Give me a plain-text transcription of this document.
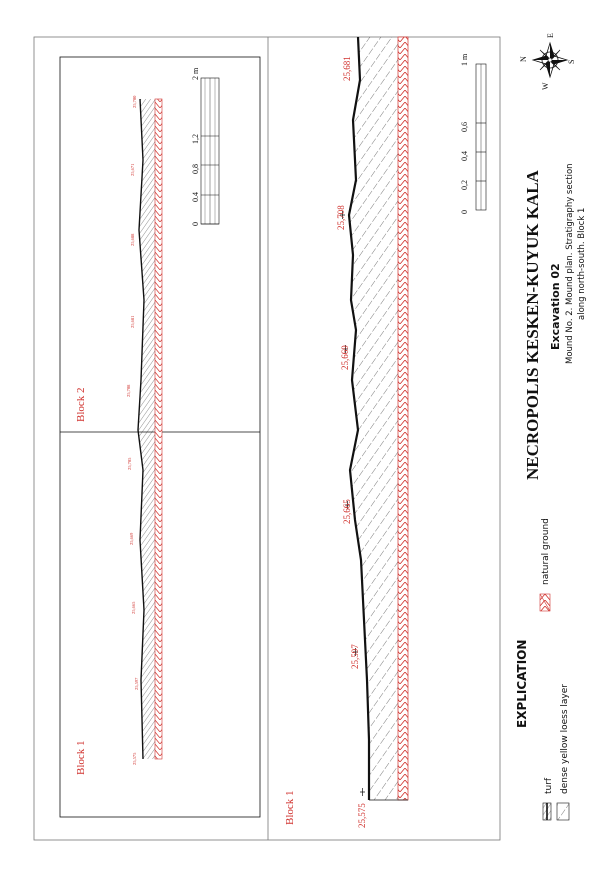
Block 2
Block 1	25,575
25,597
25,665
25,669
25,705
25,708
25,681
25,688
25,671
25,700
0
0.4
0,8
1,2
2 m
25,575
25,597
25,665
25,669
25,708
25,681
Block 1
0
0,2
0,4
0,6
1 m
NECROPOLIS KESKEN-KUYUK KALA Excavation 02 Mound No. 2. Mound plan. Stratigraphy section along north-south. Block 1
N
E
W
S
EXPLICATION
turf dense yellow loess layer
natural ground
